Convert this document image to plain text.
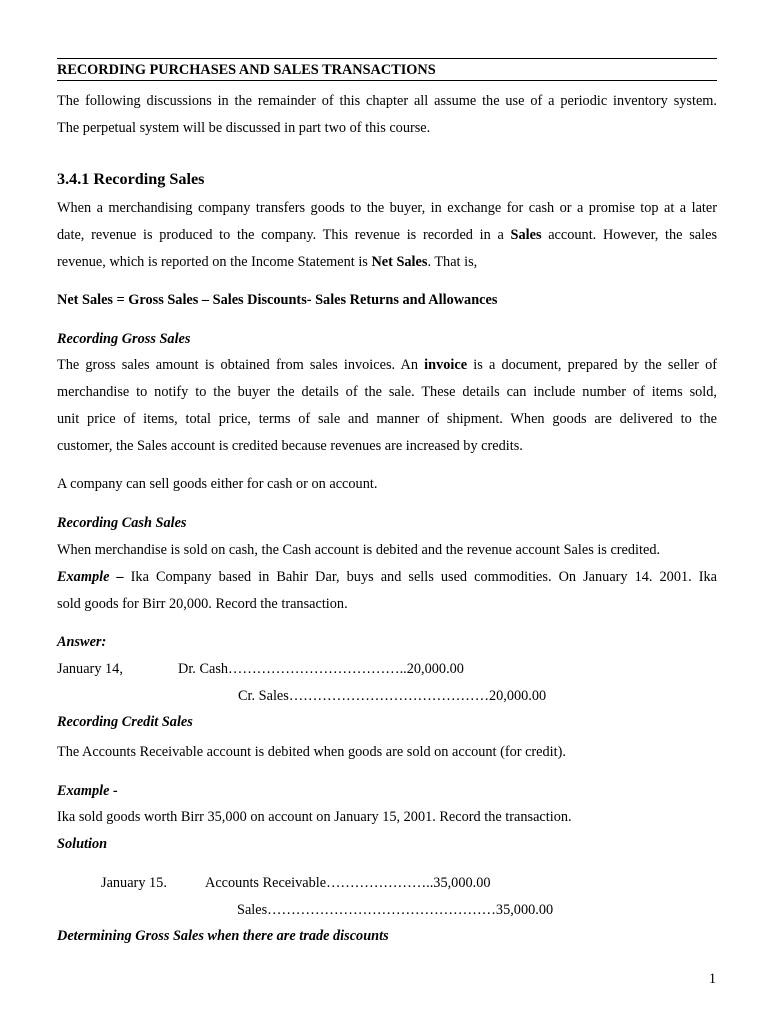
RECORDING PURCHASES AND SALES TRANSACTIONS
The following discussions in the remainder of this chapter all assume the use of a periodic inventory system.
The perpetual system will be discussed in part two of this course.
3.4.1 Recording Sales
When a merchandising company transfers goods to the buyer, in exchange for cash or a promise top at a later
date, revenue is produced to the company. This revenue is recorded in a Sales account. However, the sales
revenue, which is reported on the Income Statement is Net Sales. That is,
Net Sales = Gross Sales – Sales Discounts- Sales Returns and Allowances
Recording Gross Sales
The gross sales amount is obtained from sales invoices. An invoice is a document, prepared by the seller of
merchandise to notify to the buyer the details of the sale. These details can include number of items sold,
unit price of items, total price, terms of sale and manner of shipment. When goods are delivered to the
customer, the Sales account is credited because revenues are increased by credits.
A company can sell goods either for cash or on account.
Recording Cash Sales
When merchandise is sold on cash, the Cash account is debited and the revenue account Sales is credited.
Example – Ika Company based in Bahir Dar, buys and sells used commodities. On January 14. 2001. Ika
sold goods for Birr 20,000. Record the transaction.
Answer:
January 14,	Dr. Cash………………………………..20,000.00
Cr. Sales……………………………………20,000.00
Recording Credit Sales
The Accounts Receivable account is debited when goods are sold on account (for credit).
Example -
Ika sold goods worth Birr 35,000 on account on January 15, 2001. Record the transaction.
Solution
January 15.	Accounts Receivable…………………..35,000.00
Sales…………………………………………35,000.00
Determining Gross Sales when there are trade discounts
1
